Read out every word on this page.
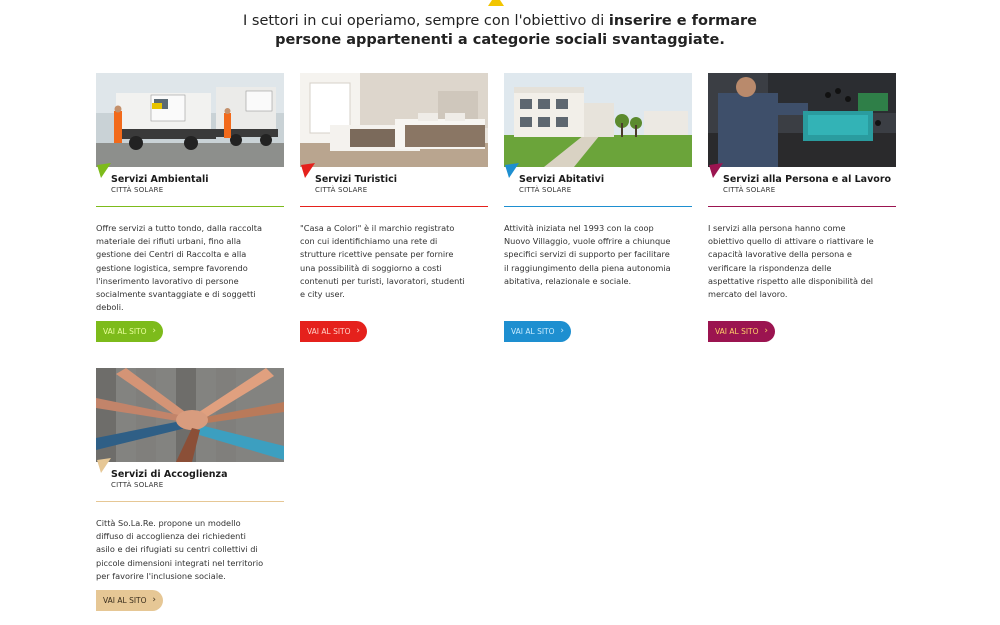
I settori in cui operiamo, sempre con l'obiettivo di inserire e formare
persone appartenenti a categorie sociali svantaggiate.
Servizi Ambientali
CITTÀ SOLARE
Offre servizi a tutto tondo, dalla raccolta materiale dei rifiuti urbani, fino alla gestione dei Centri di Raccolta e alla gestione logistica, sempre favorendo l'inserimento lavorativo di persone socialmente svantaggiate e di soggetti deboli.
VAI AL SITO ›
Servizi Turistici
CITTÀ SOLARE
"Casa a Colori" è il marchio registrato con cui identifichiamo una rete di strutture ricettive pensate per fornire una possibilità di soggiorno a costi contenuti per turisti, lavoratori, studenti e city user.
VAI AL SITO ›
Servizi Abitativi
CITTÀ SOLARE
Attività iniziata nel 1993 con la coop Nuovo Villaggio, vuole offrire a chiunque specifici servizi di supporto per facilitare il raggiungimento della piena autonomia abitativa, relazionale e sociale.
VAI AL SITO ›
Servizi alla Persona e al Lavoro
CITTÀ SOLARE
I servizi alla persona hanno come obiettivo quello di attivare o riattivare le capacità lavorative della persona e verificare la rispondenza delle aspettative rispetto alle disponibilità del mercato del lavoro.
VAI AL SITO ›
Servizi di Accoglienza
CITTÀ SOLARE
Città So.La.Re. propone un modello diffuso di accoglienza dei richiedenti asilo e dei rifugiati su centri collettivi di piccole dimensioni integrati nel territorio per favorire l'inclusione sociale.
VAI AL SITO ›
